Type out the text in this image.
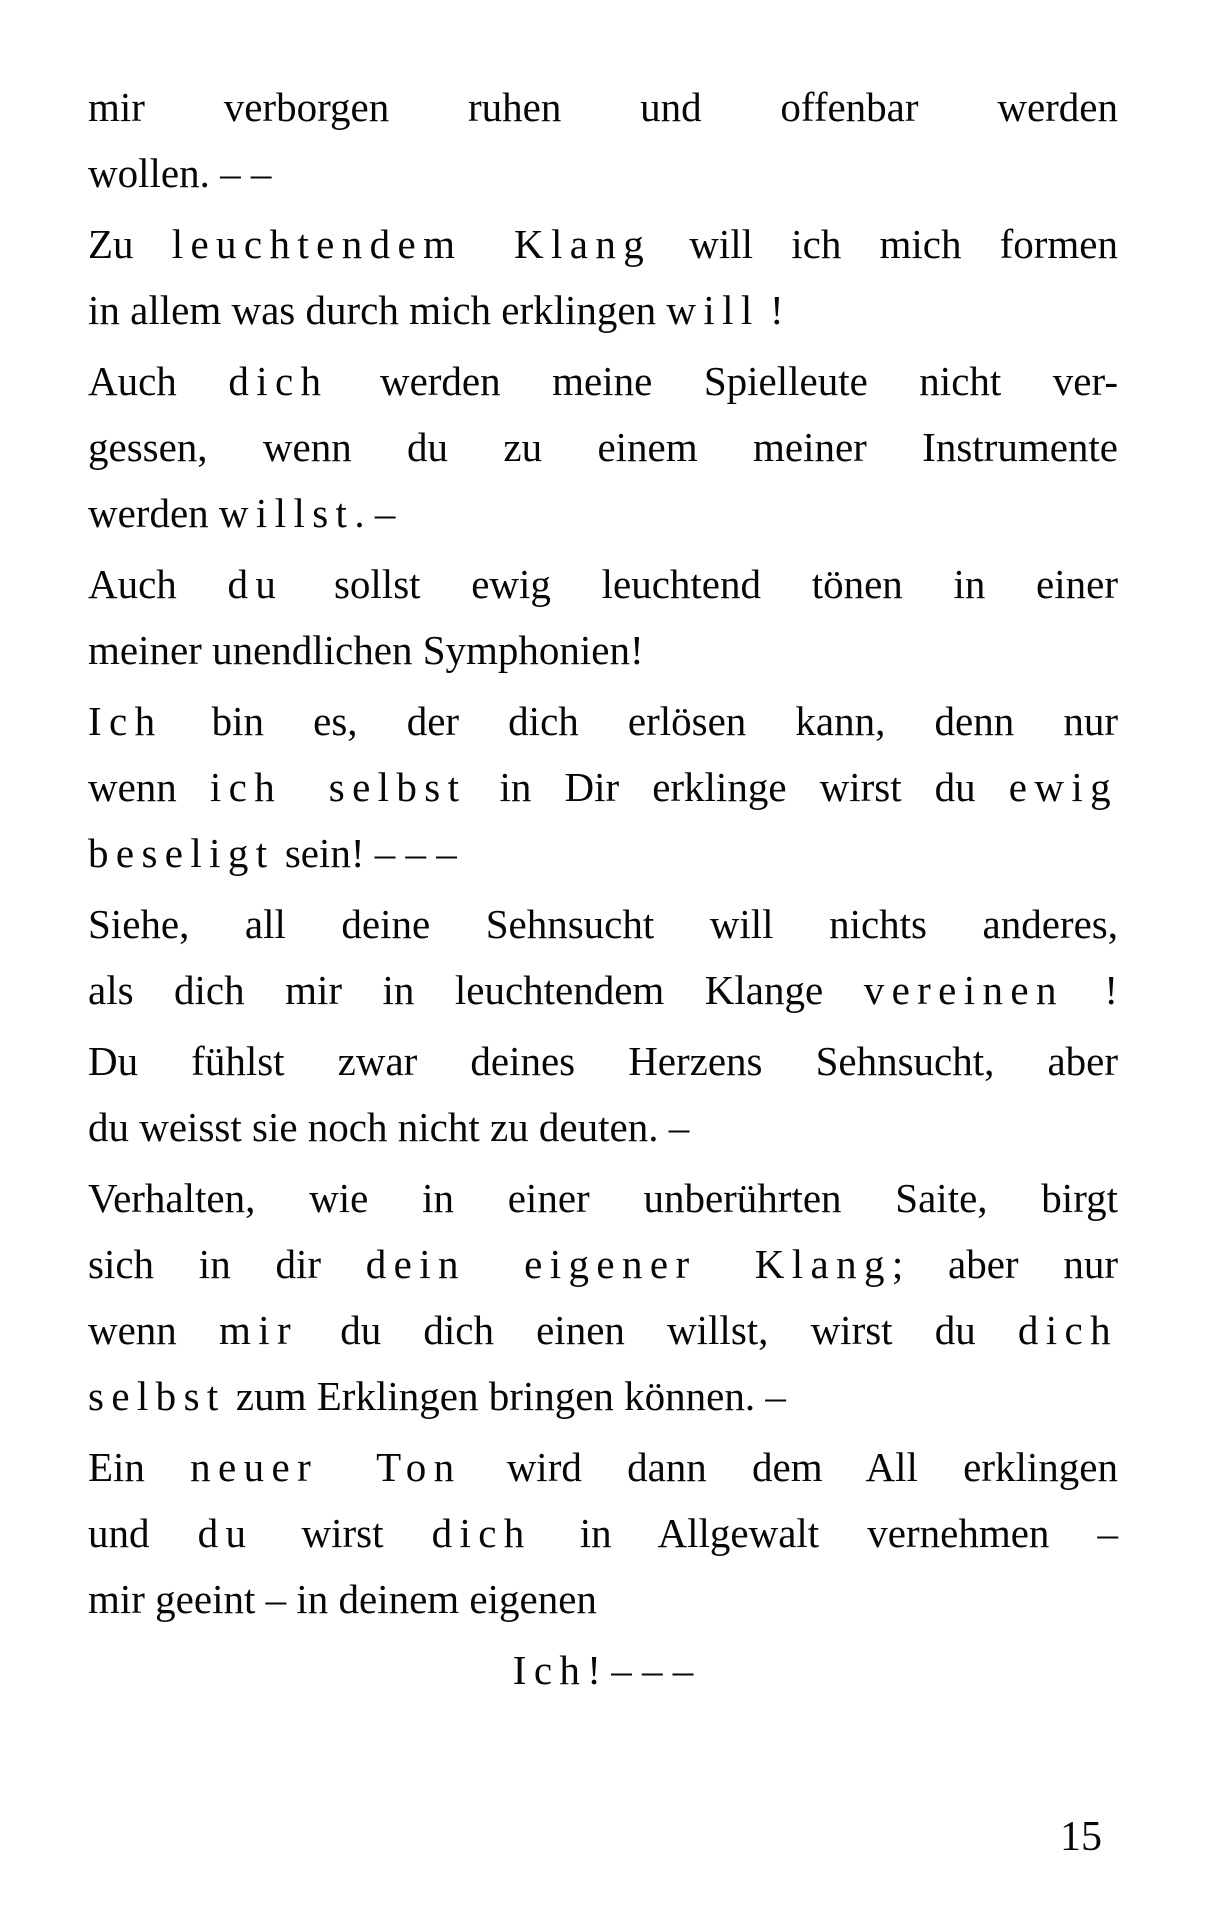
mir verborgen ruhen und offenbar werden
wollen. – –
Zu leuchtendem Klang will ich mich formen
in allem was durch mich erklingen will !
Auch dich werden meine Spielleute nicht ver-
gessen, wenn du zu einem meiner Instrumente
werden willst. –
Auch du sollst ewig leuchtend tönen in einer
meiner unendlichen Symphonien!
Ich bin es, der dich erlösen kann, denn nur
wenn ich selbst in Dir erklinge wirst du ewig
beseligt sein! – – –
Siehe, all deine Sehnsucht will nichts anderes,
als dich mir in leuchtendem Klange vereinen !
Du fühlst zwar deines Herzens Sehnsucht, aber
du weisst sie noch nicht zu deuten. –
Verhalten, wie in einer unberührten Saite, birgt
sich in dir dein eigener Klang; aber nur
wenn mir du dich einen willst, wirst du dich
selbst zum Erklingen bringen können. –
Ein neuer Ton wird dann dem All erklingen
und du wirst dich in Allgewalt vernehmen –
mir geeint – in deinem eigenen
Ich! – – –
15
